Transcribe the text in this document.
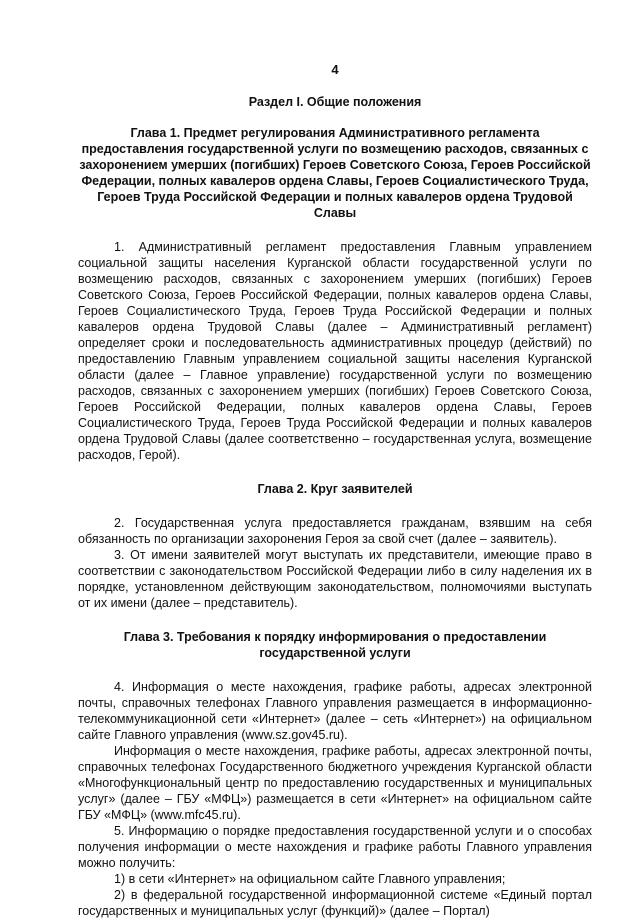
4
Раздел I. Общие положения
Глава 1. Предмет регулирования Административного регламента предоставления государственной услуги по возмещению расходов, связанных с захоронением умерших (погибших) Героев Советского Союза, Героев Российской Федерации, полных кавалеров ордена Славы, Героев Социалистического Труда, Героев Труда Российской Федерации и полных кавалеров ордена Трудовой Славы

1. Административный регламент предоставления Главным управлением социальной защиты населения Курганской области государственной услуги по возмещению расходов, связанных с захоронением умерших (погибших) Героев Советского Союза, Героев Российской Федерации, полных кавалеров ордена Славы, Героев Социалистического Труда, Героев Труда Российской Федерации и полных кавалеров ордена Трудовой Славы (далее – Административный регламент) определяет сроки и последовательность административных процедур (действий) по предоставлению Главным управлением социальной защиты населения Курганской области (далее – Главное управление) государственной услуги по возмещению расходов, связанных с захоронением умерших (погибших) Героев Советского Союза, Героев Российской Федерации, полных кавалеров ордена Славы, Героев Социалистического Труда, Героев Труда Российской Федерации и полных кавалеров ордена Трудовой Славы (далее соответственно – государственная услуга, возмещение расходов, Герой).

Глава 2. Круг заявителей

2. Государственная услуга предоставляется гражданам, взявшим на себя обязанность по организации захоронения Героя за свой счет (далее – заявитель).

3. От имени заявителей могут выступать их представители, имеющие право в соответствии с законодательством Российской Федерации либо в силу наделения их в порядке, установленном действующим законодательством, полномочиями выступать от их имени (далее – представитель).

Глава 3. Требования к порядку информирования о предоставлении государственной услуги

4. Информация о месте нахождения, графике работы, адресах электронной почты, справочных телефонах Главного управления размещается в информационно-телекоммуникационной сети «Интернет» (далее – сеть «Интернет») на официальном сайте Главного управления (www.sz.gov45.ru).

Информация о месте нахождения, графике работы, адресах электронной почты, справочных телефонах Государственного бюджетного учреждения Курганской области «Многофункциональный центр по предоставлению государственных и муниципальных услуг» (далее – ГБУ «МФЦ») размещается в сети «Интернет» на официальном сайте ГБУ «МФЦ» (www.mfc45.ru).

5. Информацию о порядке предоставления государственной услуги и о способах получения информации о месте нахождения и графике работы Главного управления можно получить:

1) в сети «Интернет» на официальном сайте Главного управления;

2) в федеральной государственной информационной системе «Единый портал государственных и муниципальных услуг (функций)» (далее – Портал)
